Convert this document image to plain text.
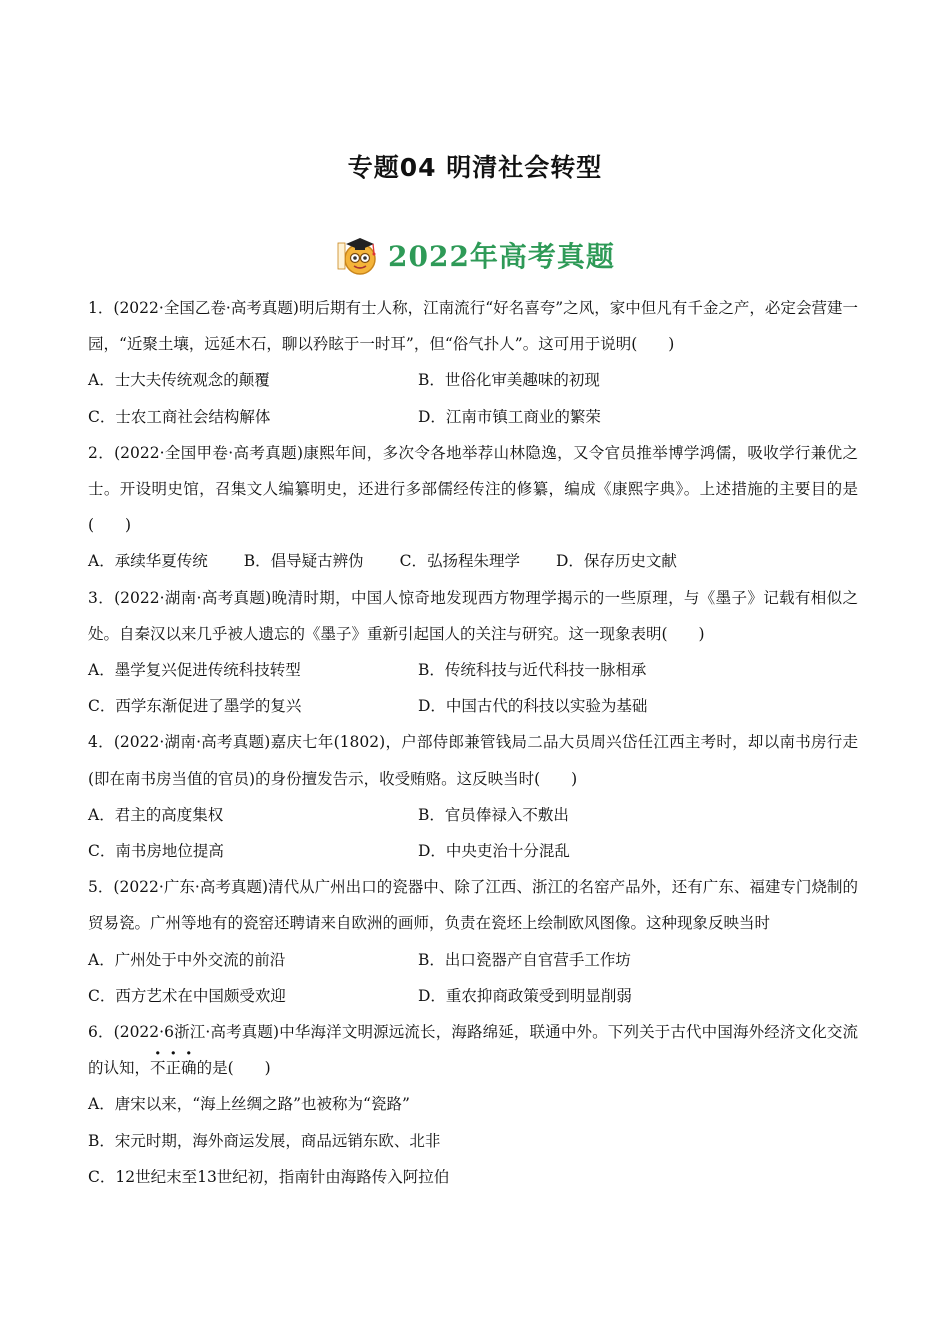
专题04 明清社会转型
2022年高考真题

1．(2022·全国乙卷·高考真题)明后期有士人称，江南流行“好名喜夸”之风，家中但凡有千金之产，必定会营建一园，“近聚土壤，远延木石，聊以矜眩于一时耳”，但“俗气扑人”。这可用于说明(　　)

A．士大夫传统观念的颠覆	B．世俗化审美趣味的初现

C．士农工商社会结构解体	D．江南市镇工商业的繁荣

2．(2022·全国甲卷·高考真题)康熙年间，多次令各地举荐山林隐逸，又令官员推举博学鸿儒，吸收学行兼优之士。开设明史馆，召集文人编纂明史，还进行多部儒经传注的修纂，编成《康熙字典》。上述措施的主要目的是(　　)

A．承续华夏传统 B．倡导疑古辨伪 C．弘扬程朱理学 D．保存历史文献

3．(2022·湖南·高考真题)晚清时期，中国人惊奇地发现西方物理学揭示的一些原理，与《墨子》记载有相似之处。自秦汉以来几乎被人遗忘的《墨子》重新引起国人的关注与研究。这一现象表明(　　)

A．墨学复兴促进传统科技转型	B．传统科技与近代科技一脉相承

C．西学东渐促进了墨学的复兴	D．中国古代的科技以实验为基础

4．(2022·湖南·高考真题)嘉庆七年(1802)，户部侍郎兼管钱局二品大员周兴岱任江西主考时，却以南书房行走(即在南书房当值的官员)的身份擅发告示，收受贿赂。这反映当时(　　)

A．君主的高度集权	B．官员俸禄入不敷出

C．南书房地位提高	D．中央吏治十分混乱

5．(2022·广东·高考真题)清代从广州出口的瓷器中、除了江西、浙江的名窑产品外，还有广东、福建专门烧制的贸易瓷。广州等地有的瓷窑还聘请来自欧洲的画师，负责在瓷坯上绘制欧风图像。这种现象反映当时

A．广州处于中外交流的前沿	B．出口瓷器产自官营手工作坊

C．西方艺术在中国颇受欢迎	D．重农抑商政策受到明显削弱

6．(2022·6浙江·高考真题)中华海洋文明源远流长，海路绵延，联通中外。下列关于古代中国海外经济文化交流的认知，不正确的是(　　)

A．唐宋以来，“海上丝绸之路”也被称为“瓷路”

B．宋元时期，海外商运发展，商品远销东欧、北非

C．12世纪末至13世纪初，指南针由海路传入阿拉伯
